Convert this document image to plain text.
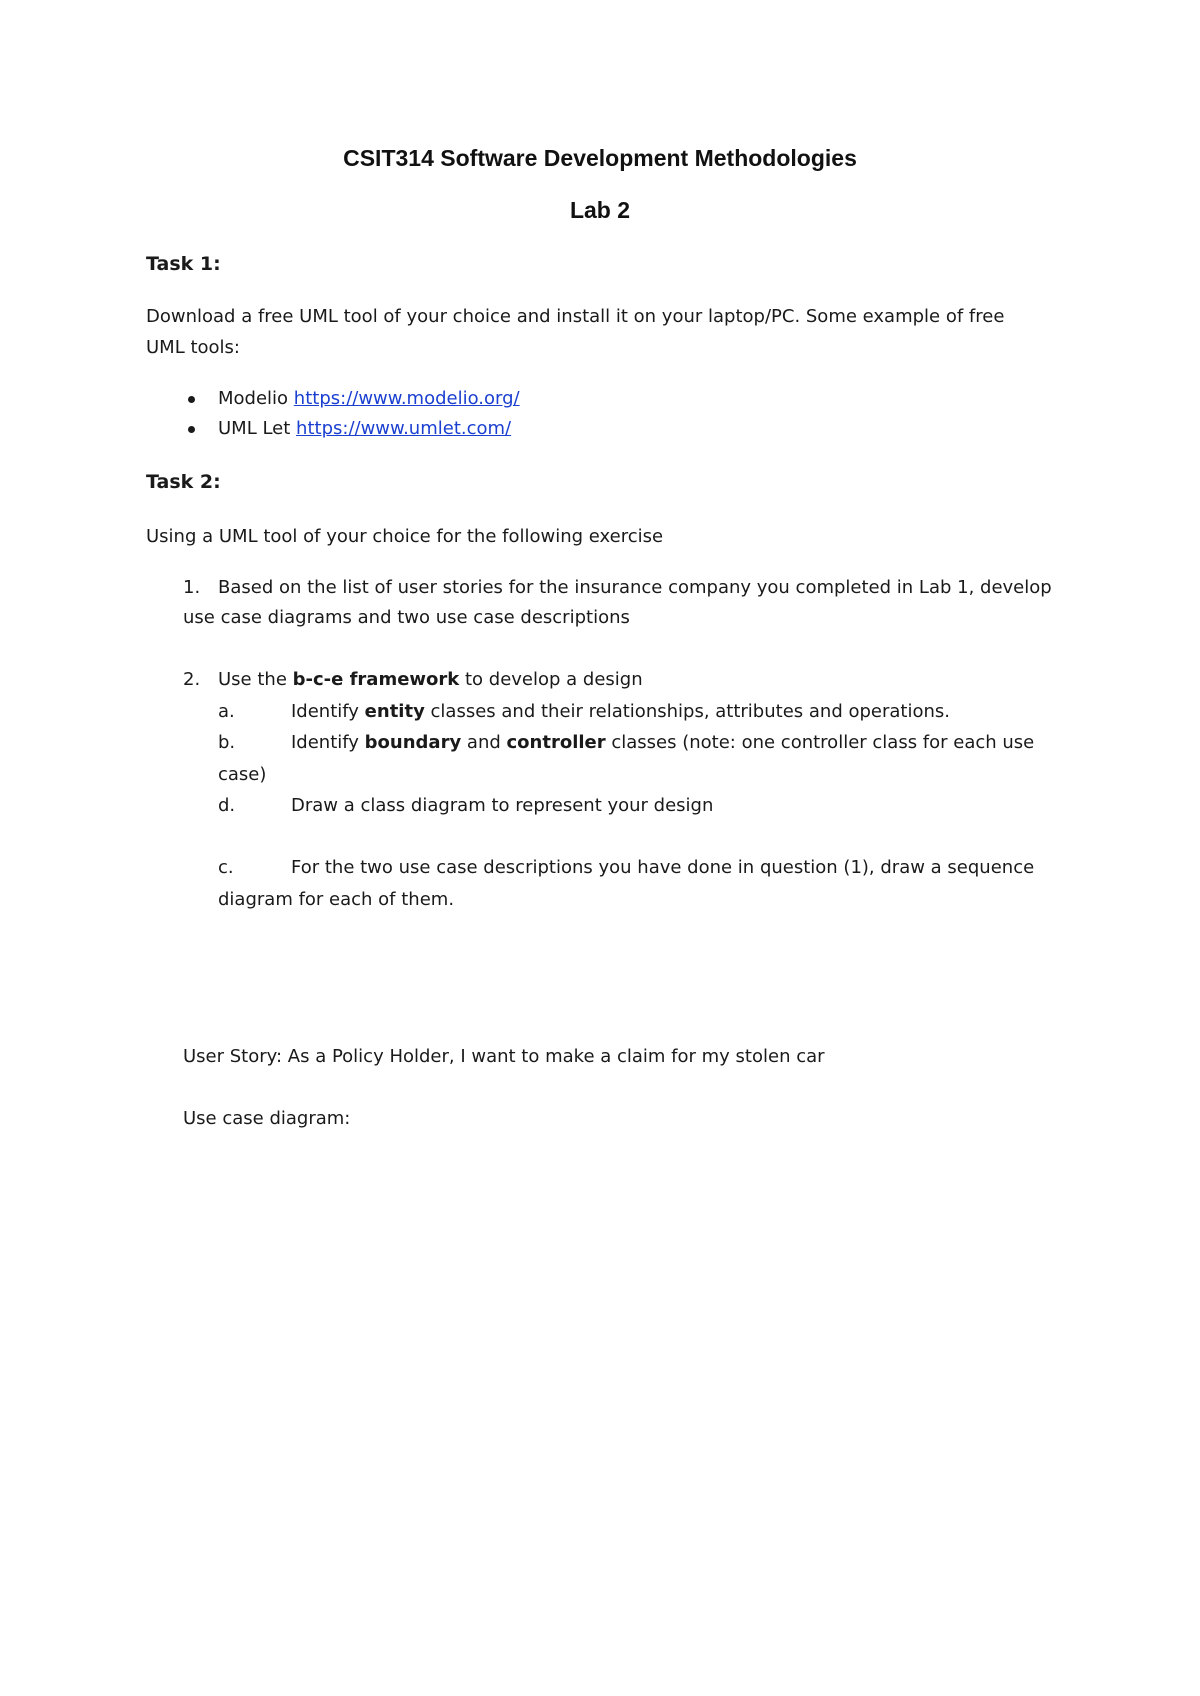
CSIT314 Software Development Methodologies
Lab 2
Task 1:
Download a free UML tool of your choice and install it on your laptop/PC. Some example of free
UML tools:
Modelio https://www.modelio.org/
UML Let https://www.umlet.com/
Task 2:
Using a UML tool of your choice for the following exercise
1. Based on the list of user stories for the insurance company you completed in Lab 1, develop
use case diagrams and two use case descriptions
2. Use the b-c-e framework to develop a design
a.	Identify entity classes and their relationships, attributes and operations.
b.	Identify boundary and controller classes (note: one controller class for each use
case)
d.	Draw a class diagram to represent your design
c.	For the two use case descriptions you have done in question (1), draw a sequence
diagram for each of them.
User Story: As a Policy Holder, I want to make a claim for my stolen car
Use case diagram:
